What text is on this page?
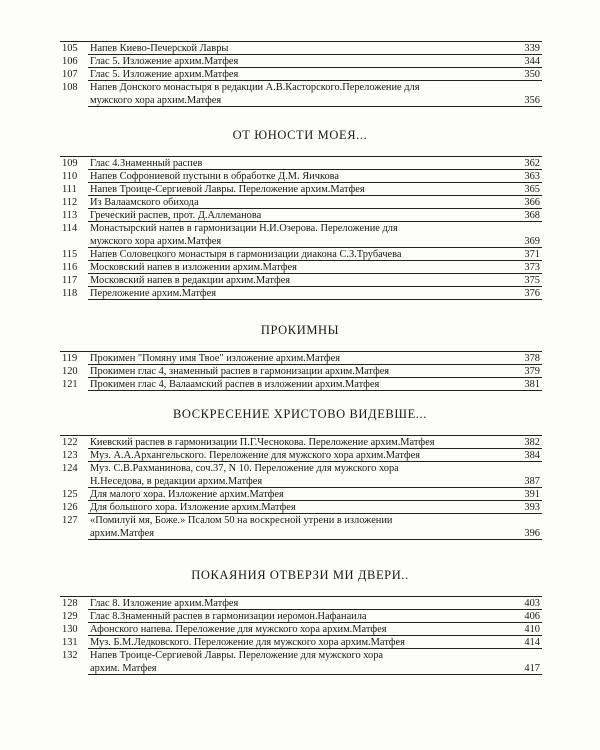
105	Напев Киево-Печерской Лавры	339
106	Глас 5. Изложение архим.Матфея	344
107	Глас 5. Изложение архим.Матфея	350
108	Напев Донского монастыря в редакции А.В.Касторского.Переложение для
мужского хора архим.Матфея	356
ОТ ЮНОСТИ МОЕЯ...
109	Глас 4.Знаменный распев	362
110	Напев Софрониевой пустыни в обработке Д.М. Яичкова	363
111	Напев Троице-Сергиевой Лавры. Переложение архим.Матфея	365
112	Из Валаамского обихода	366
113	Греческий распев, прот. Д.Аллеманова	368
114	Монастырский напев в гармонизации Н.И.Озерова. Переложение для
мужского хора архим.Матфея	369
115	Напев Соловецкого монастыря в гармонизации диакона С.З.Трубачева	371
116	Московский напев в изложении архим.Матфея	373
117	Московский напев в редакции архим.Матфея	375
118	Переложение архим.Матфея	376
ПРОКИМНЫ
119	Прокимен "Помяну имя Твое" изложение архим.Матфея	378
120	Прокимен глас 4, знаменный распев в гармонизации архим.Матфея	379
121	Прокимен глас 4, Валаамский распев в изложении архим.Матфея	381
ВОСКРЕСЕНИЕ ХРИСТОВО ВИДЕВШЕ...
122	Киевский распев в гармонизации П.Г.Чеснокова. Переложение архим.Матфея	382
123	Муз. А.А.Архангельского. Переложение для мужского хора архим.Матфея	384
124	Муз. С.В.Рахманинова, соч.37, N 10. Переложение для мужского хора
Н.Неседова, в редакции архим.Матфея	387
125	Для малого хора. Изложение архим.Матфея	391
126	Для большого хора. Изложение архим.Матфея	393
127	«Помилуй мя, Боже.» Псалом 50 на воскресной утрени в изложении
архим.Матфея	396
ПОКАЯНИЯ ОТВЕРЗИ МИ ДВЕРИ..
128	Глас 8. Изложение архим.Матфея	403
129	Глас 8.Знаменный распев в гармонизации иеромон.Нафанаила	406
130	Афонского напева. Переложение для мужского хора архим.Матфея	410
131	Муз. Б.М.Ледковского. Переложение для мужского хора архим.Матфея	414
132	Напев Троице-Сергиевой Лавры. Переложение для мужского хора
архим. Матфея	417
